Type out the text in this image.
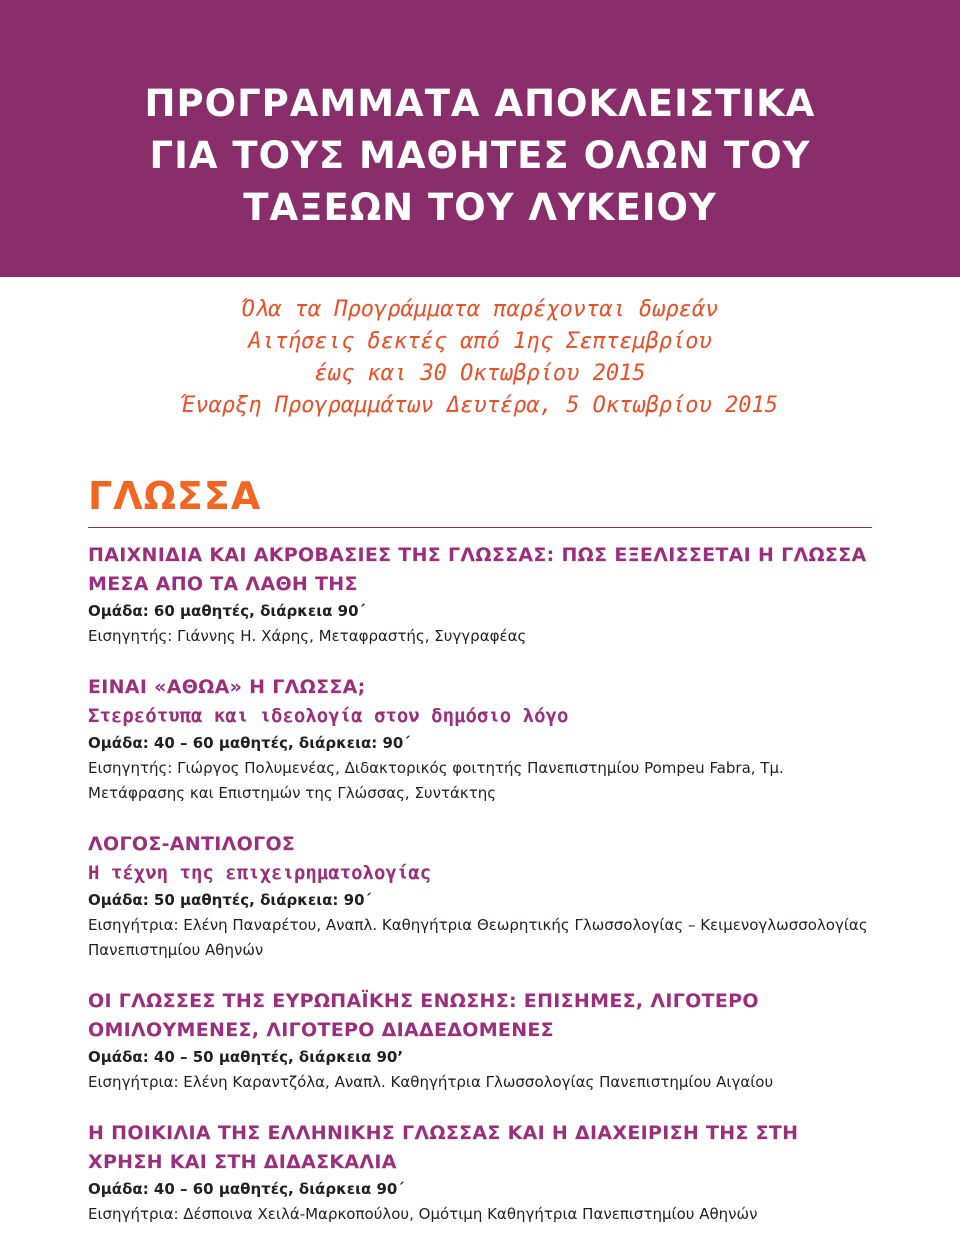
ΠΡΟΓΡΑΜΜΑΤΑ ΑΠΟΚΛΕΙΣΤΙΚΑ
ΓΙΑ ΤΟΥΣ ΜΑΘΗΤΕΣ ΟΛΩΝ ΤΟΥ
ΤΑΞΕΩΝ ΤΟΥ ΛΥΚΕΙΟΥ
Όλα τα Προγράμματα παρέχονται δωρεάν
Αιτήσεις δεκτές από 1ης Σεπτεμβρίου
έως και 30 Οκτωβρίου 2015
Έναρξη Προγραμμάτων Δευτέρα, 5 Οκτωβρίου 2015
ΓΛΩΣΣΑ
ΠΑΙΧΝΙΔΙΑ ΚΑΙ ΑΚΡΟΒΑΣΙΕΣ ΤΗΣ ΓΛΩΣΣΑΣ: ΠΩΣ ΕΞΕΛΙΣΣΕΤΑΙ Η ΓΛΩΣΣΑ ΜΕΣΑ ΑΠΟ ΤΑ ΛΑΘΗ ΤΗΣ
Ομάδα: 60 μαθητές, διάρκεια 90΄
Εισηγητής: Γιάννης Η. Χάρης, Μεταφραστής, Συγγραφέας
ΕΙΝΑΙ «ΑΘΩΑ» Η ΓΛΩΣΣΑ;
Στερεότυπα και ιδεολογία στον δημόσιο λόγο
Ομάδα: 40 – 60 μαθητές, διάρκεια: 90΄
Εισηγητής: Γιώργος Πολυμενέας, Διδακτορικός φοιτητής Πανεπιστημίου Pompeu Fabra, Τμ. Μετάφρασης και Επιστημών της Γλώσσας, Συντάκτης
ΛΟΓΟΣ-ΑΝΤΙΛΟΓΟΣ
Η τέχνη της επιχειρηματολογίας
Ομάδα: 50 μαθητές, διάρκεια: 90΄
Εισηγήτρια: Ελένη Παναρέτου, Αναπλ. Καθηγήτρια Θεωρητικής Γλωσσολογίας – Κειμενογλωσσολογίας Πανεπιστημίου Αθηνών
ΟΙ ΓΛΩΣΣΕΣ ΤΗΣ ΕΥΡΩΠΑΪΚΗΣ ΕΝΩΣΗΣ: ΕΠΙΣΗΜΕΣ, ΛΙΓΟΤΕΡΟ ΟΜΙΛΟΥΜΕΝΕΣ, ΛΙΓΟΤΕΡΟ ΔΙΑΔΕΔΟΜΕΝΕΣ
Ομάδα: 40 – 50 μαθητές, διάρκεια 90’
Εισηγήτρια: Ελένη Καραντζόλα, Αναπλ. Καθηγήτρια Γλωσσολογίας Πανεπιστημίου Αιγαίου
Η ΠΟΙΚΙΛΙΑ ΤΗΣ ΕΛΛΗΝΙΚΗΣ ΓΛΩΣΣΑΣ ΚΑΙ Η ΔΙΑΧΕΙΡΙΣΗ ΤΗΣ ΣΤΗ ΧΡΗΣΗ ΚΑΙ ΣΤΗ ΔΙΔΑΣΚΑΛΙΑ
Ομάδα: 40 – 60 μαθητές, διάρκεια 90΄
Εισηγήτρια: Δέσποινα Χειλά-Μαρκοπούλου, Ομότιμη Καθηγήτρια Πανεπιστημίου Αθηνών
